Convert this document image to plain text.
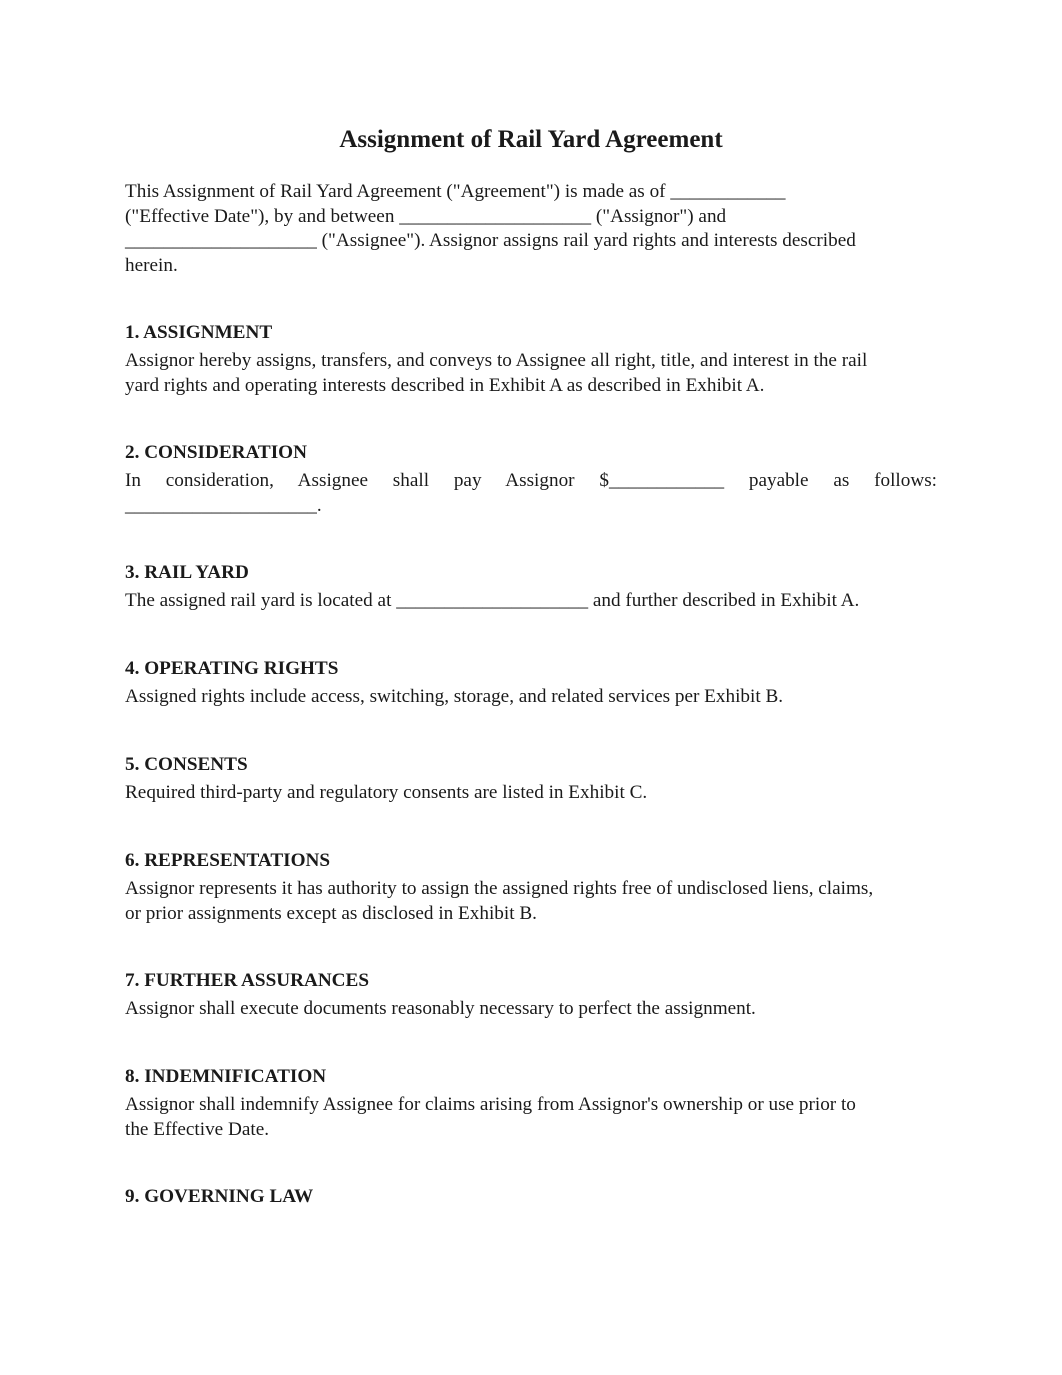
Assignment of Rail Yard Agreement
This Assignment of Rail Yard Agreement ("Agreement") is made as of ____________
("Effective Date"), by and between ____________________ ("Assignor") and
____________________ ("Assignee"). Assignor assigns rail yard rights and interests described
herein.
1. ASSIGNMENT

Assignor hereby assigns, transfers, and conveys to Assignee all right, title, and interest in the rail
yard rights and operating interests described in Exhibit A as described in Exhibit A.

2. CONSIDERATION

In consideration, Assignee shall pay Assignor $____________ payable as follows:
____________________.

3. RAIL YARD

The assigned rail yard is located at ____________________ and further described in Exhibit A.

4. OPERATING RIGHTS

Assigned rights include access, switching, storage, and related services per Exhibit B.

5. CONSENTS

Required third-party and regulatory consents are listed in Exhibit C.

6. REPRESENTATIONS

Assignor represents it has authority to assign the assigned rights free of undisclosed liens, claims,
or prior assignments except as disclosed in Exhibit B.

7. FURTHER ASSURANCES

Assignor shall execute documents reasonably necessary to perfect the assignment.

8. INDEMNIFICATION

Assignor shall indemnify Assignee for claims arising from Assignor's ownership or use prior to
the Effective Date.

9. GOVERNING LAW
